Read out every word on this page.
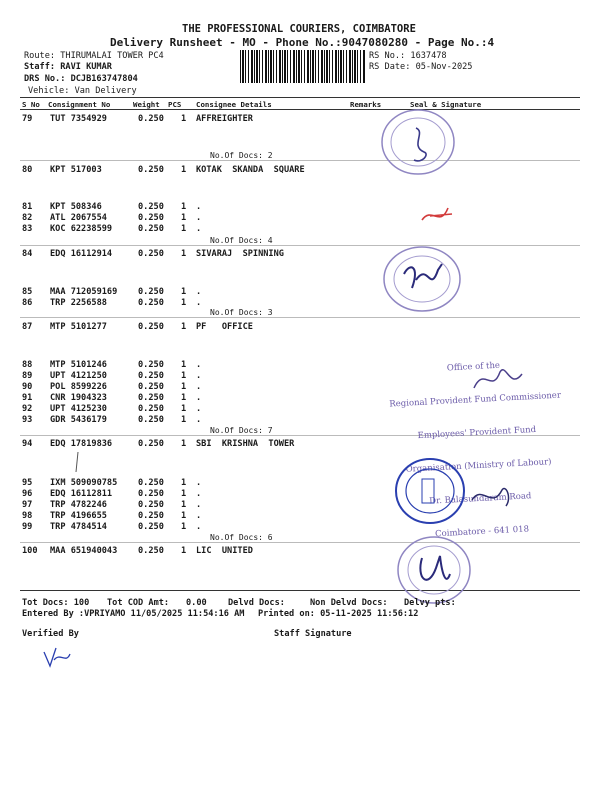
THE PROFESSIONAL COURIERS, COIMBATORE
Delivery Runsheet - MO - Phone No.:9047080280 - Page No.:4
Route: THIRUMALAI TOWER PC4
Staff: RAVI KUMAR
DRS No.: DCJB163747804
Vehicle: Van Delivery
RS No.: 1637478
RS Date: 05-Nov-2025
S No Consignment No	Weight PCS Consignee Details	Remarks	Seal & Signature
79 TUT 7354929	0.250 1 AFFREIGHTER
80 KPT 517003	0.250 1 KOTAK  SKANDA  SQUARE
81 KPT 508346	0.250 1 .
82 ATL 2067554	0.250 1 .
83 KOC 62238599	0.250 1 .
84 EDQ 16112914	0.250 1 SIVARAJ  SPINNING
85 MAA 712059169 0.250 1 .
86 TRP 2256588	0.250 1 .
87 MTP 5101277	0.250 1 PF   OFFICE
88 MTP 5101246	0.250 1 .
89 UPT 4121250	0.250 1 .
90 POL 8599226	0.250 1 .
91 CNR 1904323	0.250 1 .
92 UPT 4125230	0.250 1 .
93 GDR 5436179	0.250 1 .
94 EDQ 17819836	0.250 1 SBI  KRISHNA  TOWER
95 IXM 509090785 0.250 1 .
96 EDQ 16112811	0.250 1 .
97 TRP 4782246	0.250 1 .
98 TRP 4196655	0.250 1 .
99 TRP 4784514	0.250 1 .
100 MAA 651940043 0.250 1 LIC  UNITED
No.Of Docs: 2
No.Of Docs: 4
No.Of Docs: 3
No.Of Docs: 7
No.Of Docs: 6

Office of the

Regional Provident Fund Commissioner

Employees' Provident Fund

Organisation (Ministry of Labour)

Dr. Balasundaram Road

Coimbatore - 641 018

Tot Docs: 100 Tot COD Amt: 0.00 Delvd Docs:	Non Delvd Docs: Delvy pts:
Entered By :VPRIYAMO 11/05/2025 11:54:16 AM Printed on: 05-11-2025 11:56:12
Verified By	Staff Signature
